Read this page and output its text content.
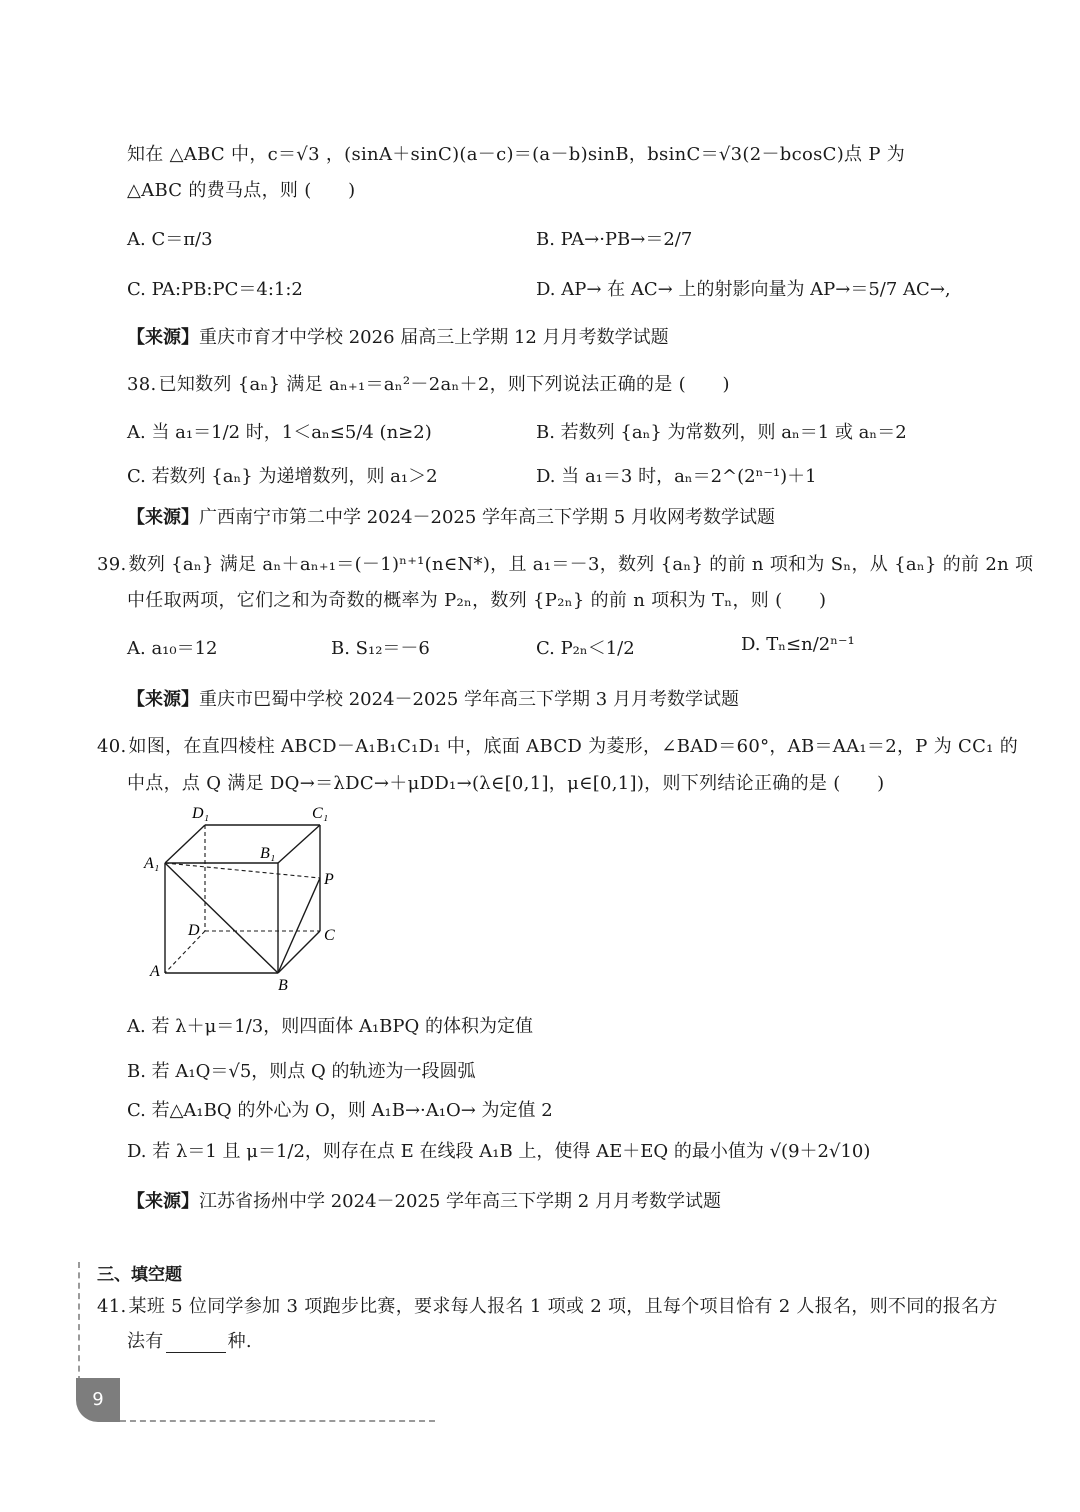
知在 △ABC 中，c＝√3 ，(sinA＋sinC)(a－c)＝(a－b)sinB，bsinC＝√3(2－bcosC)点 P 为
△ABC 的费马点，则 (　　)
A. C＝π/3	B. PA→·PB→＝2/7
C. PA:PB:PC＝4:1:2	D. AP→ 在 AC→ 上的射影向量为 AP→＝5/7 AC→,
【来源】重庆市育才中学校 2026 届高三上学期 12 月月考数学试题
38. 已知数列 {aₙ} 满足 aₙ₊₁＝aₙ²－2aₙ＋2，则下列说法正确的是 (　　)
A. 当 a₁＝1/2 时，1＜aₙ≤5/4 (n≥2)	B. 若数列 {aₙ} 为常数列，则 aₙ＝1 或 aₙ＝2
C. 若数列 {aₙ} 为递增数列，则 a₁＞2	D. 当 a₁＝3 时，aₙ＝2^(2ⁿ⁻¹)＋1
【来源】广西南宁市第二中学 2024－2025 学年高三下学期 5 月收网考数学试题
39. 数列 {aₙ} 满足 aₙ＋aₙ₊₁＝(－1)ⁿ⁺¹(n∈N*)，且 a₁＝－3，数列 {aₙ} 的前 n 项和为 Sₙ，从 {aₙ} 的前 2n 项
中任取两项，它们之和为奇数的概率为 P₂ₙ，数列 {P₂ₙ} 的前 n 项积为 Tₙ，则 (　　)
A. a₁₀＝12	B. S₁₂＝－6	C. P₂ₙ＜1/2	D. Tₙ≤n/2ⁿ⁻¹
【来源】重庆市巴蜀中学校 2024－2025 学年高三下学期 3 月月考数学试题
40. 如图，在直四棱柱 ABCD－A₁B₁C₁D₁ 中，底面 ABCD 为菱形，∠BAD＝60°，AB＝AA₁＝2，P 为 CC₁ 的
中点，点 Q 满足 DQ→＝λDC→＋μDD₁→(λ∈[0,1]，μ∈[0,1])，则下列结论正确的是 (　　)
D₁	C₁
B₁
A₁
P
D	C
A
B
A. 若 λ＋μ＝1/3，则四面体 A₁BPQ 的体积为定值
B. 若 A₁Q＝√5，则点 Q 的轨迹为一段圆弧
C. 若△A₁BQ 的外心为 O，则 A₁B→·A₁O→ 为定值 2
D. 若 λ＝1 且 μ＝1/2，则存在点 E 在线段 A₁B 上，使得 AE＋EQ 的最小值为 √(9＋2√10)
【来源】江苏省扬州中学 2024－2025 学年高三下学期 2 月月考数学试题
三、填空题
41. 某班 5 位同学参加 3 项跑步比赛，要求每人报名 1 项或 2 项，且每个项目恰有 2 人报名，则不同的报名方
法有	种.
9
